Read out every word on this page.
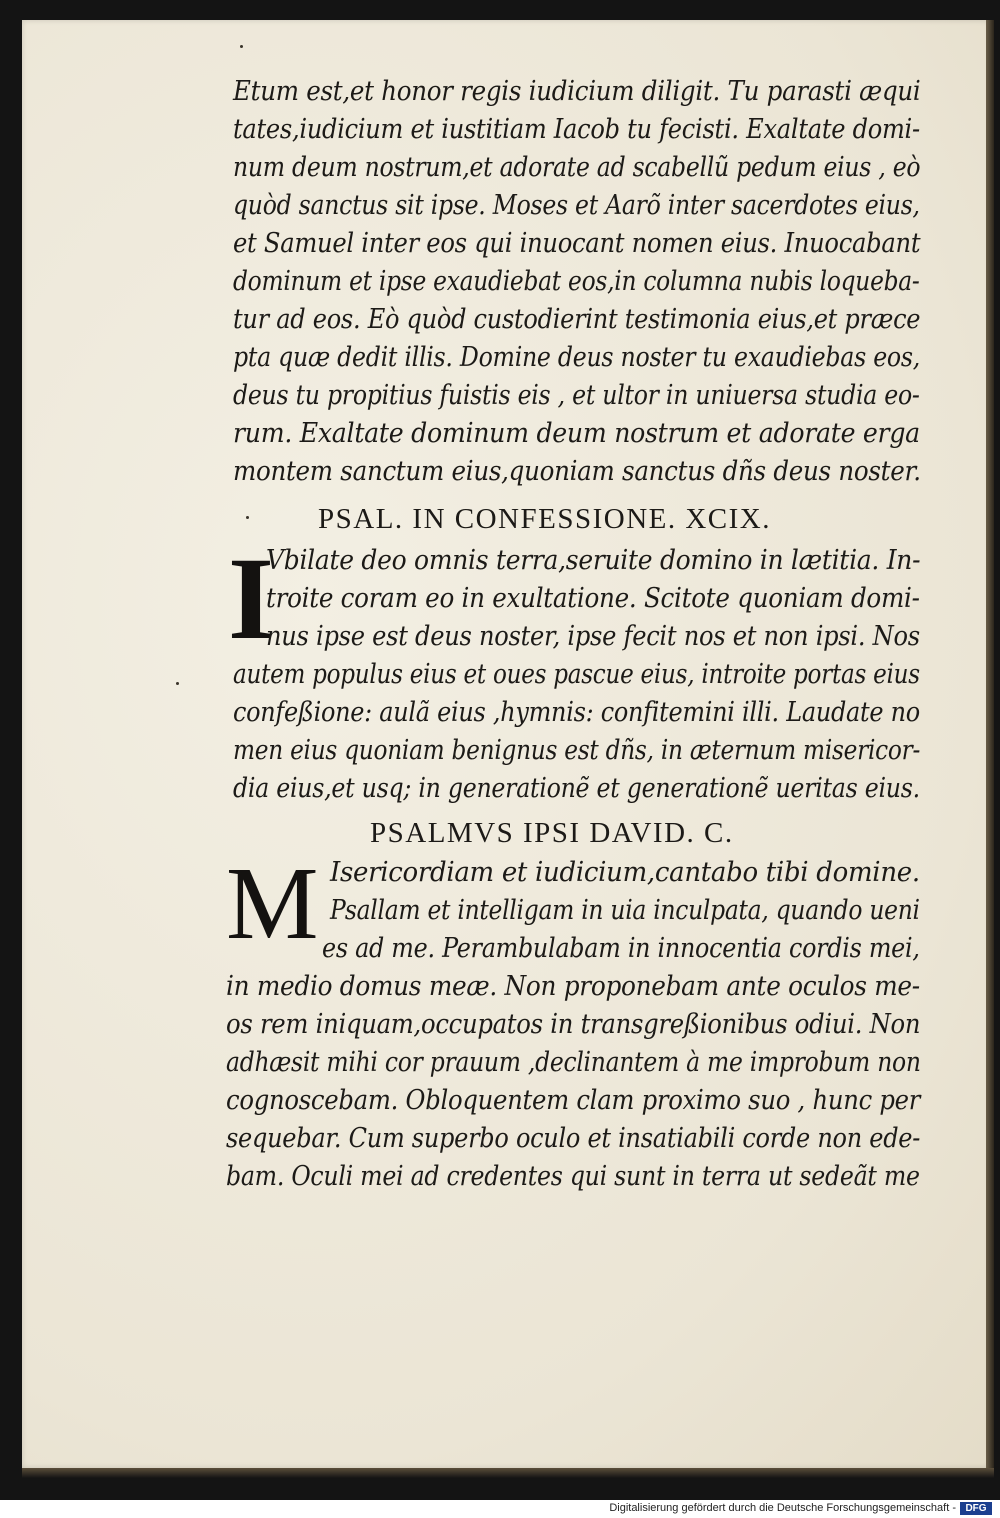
Etum est,et honor regis iudicium diligit. Tu parasti æqui
tates,iudicium et iustitiam Iacob tu fecisti. Exaltate domi-
num deum nostrum,et adorate ad scabellũ pedum eius , eò
quòd sanctus sit ipse. Moses et Aarõ inter sacerdotes eius,
et Samuel inter eos qui inuocant nomen eius. Inuocabant
dominum et ipse exaudiebat eos,in columna nubis loqueba-
tur ad eos. Eò quòd custodierint testimonia eius,et præce
pta quæ dedit illis. Domine deus noster tu exaudiebas eos,
deus tu propitius fuistis eis , et ultor in uniuersa studia eo-
rum. Exaltate dominum deum nostrum et adorate erga
montem sanctum eius,quoniam sanctus dñs deus noster.
PSAL. IN CONFESSIONE. XCIX.
I
Vbilate deo omnis terra,seruite domino in lætitia. In-
troite coram eo in exultatione. Scitote quoniam domi-
nus ipse est deus noster, ipse fecit nos et non ipsi. Nos
autem populus eius et oues pascue eius, introite portas eius
confeßione: aulã eius ,hymnis: confitemini illi. Laudate no
men eius quoniam benignus est dñs, in æternum misericor-
dia eius,et usq; in generationẽ et generationẽ ueritas eius.
PSALMVS IPSI DAVID. C.
M Isericordiam et iudicium,cantabo tibi domine.
Psallam et intelligam in uia inculpata, quando ueni
es ad me. Perambulabam in innocentia cordis mei,
in medio domus meæ. Non proponebam ante oculos me-
os rem iniquam,occupatos in transgreßionibus odiui. Non
adhæsit mihi cor prauum ,declinantem à me improbum non
cognoscebam. Obloquentem clam proximo suo , hunc per
sequebar. Cum superbo oculo et insatiabili corde non ede-
bam. Oculi mei ad credentes qui sunt in terra ut sedeãt me
Digitalisierung gefördert durch die Deutsche Forschungsgemeinschaft - DFG
